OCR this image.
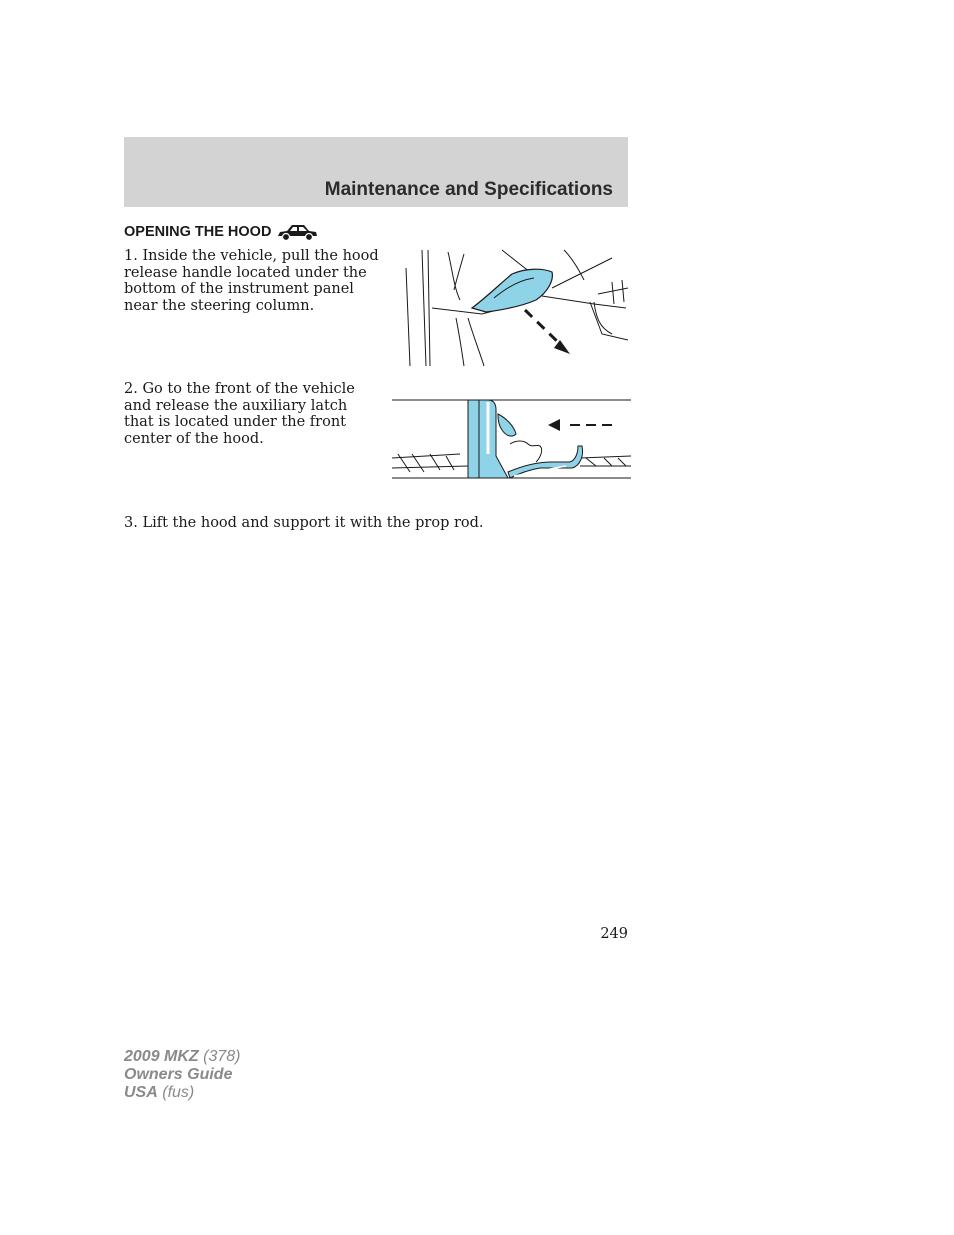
Maintenance and Specifications
OPENING THE HOOD
1. Inside the vehicle, pull the hood release handle located under the bottom of the instrument panel near the steering column.
2. Go to the front of the vehicle and release the auxiliary latch that is located under the front center of the hood.
3. Lift the hood and support it with the prop rod.
249
2009 MKZ (378)
Owners Guide
USA (fus)
